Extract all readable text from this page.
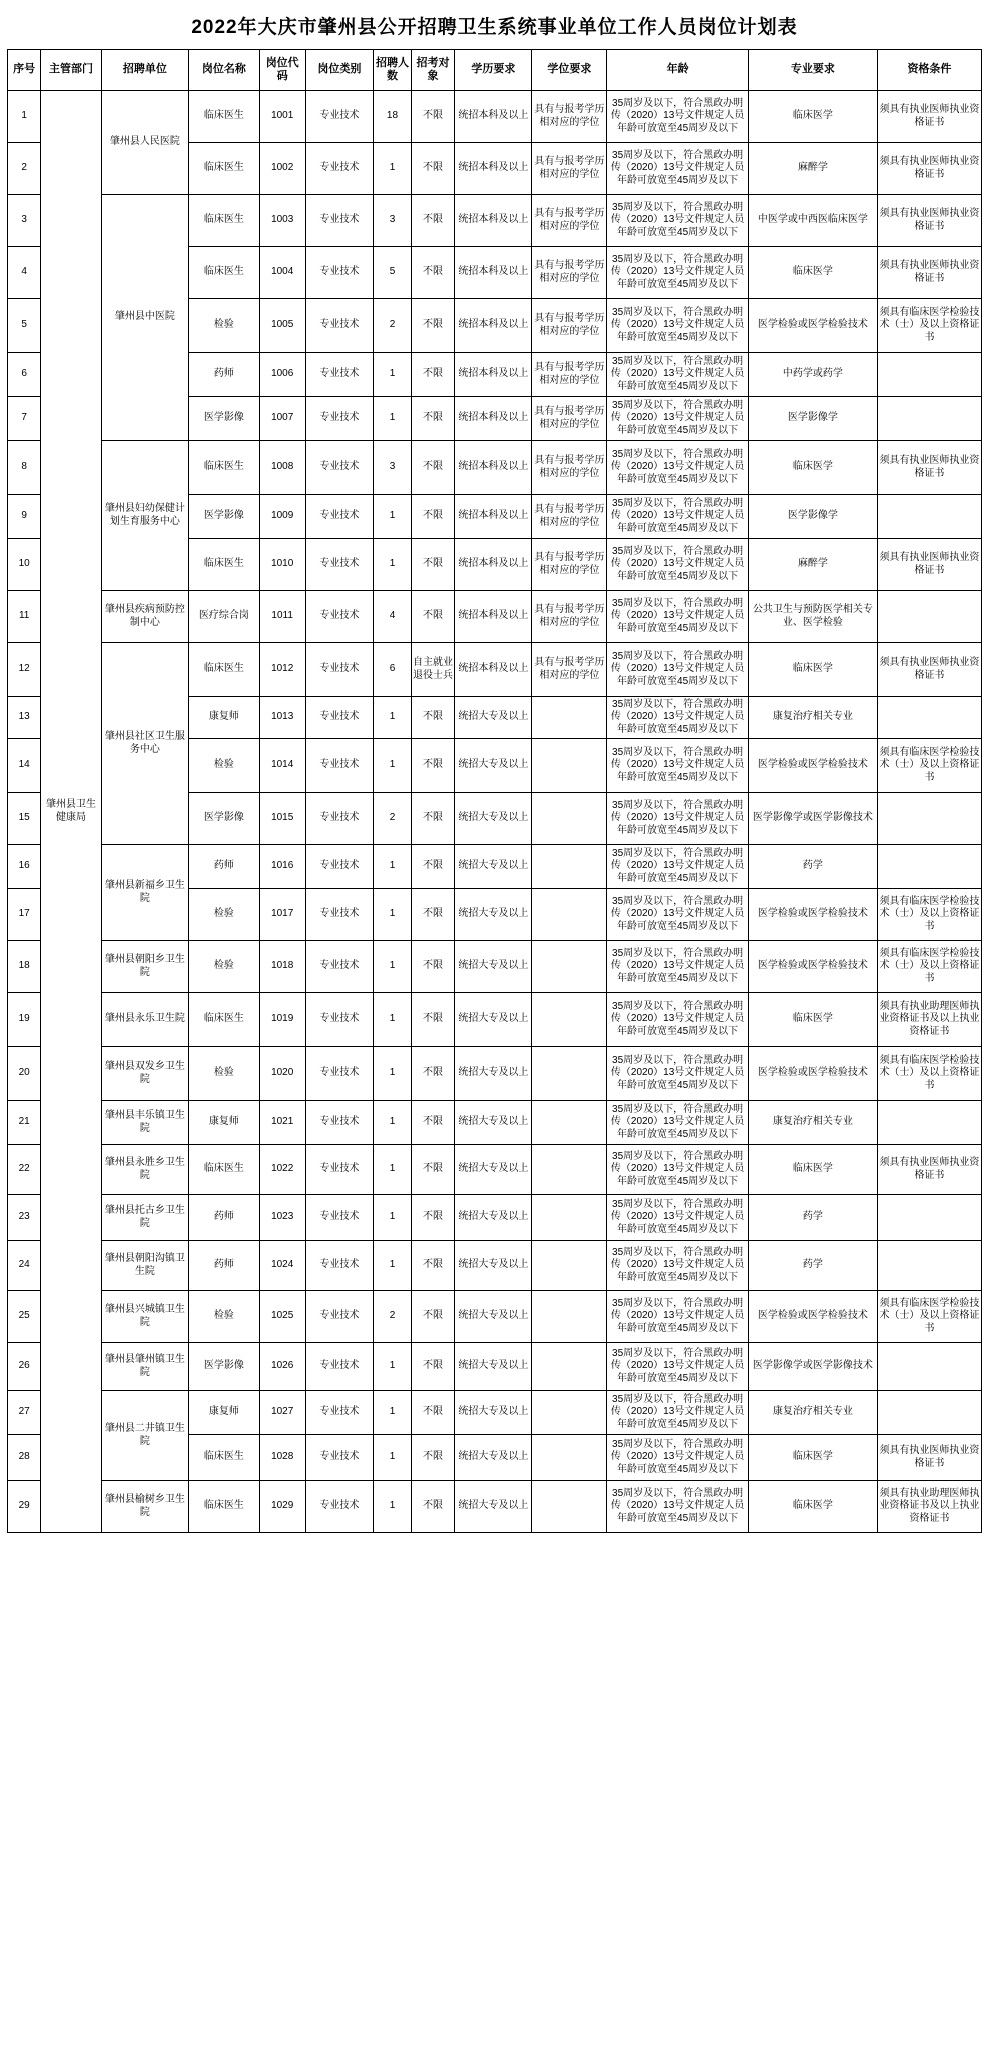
2022年大庆市肇州县公开招聘卫生系统事业单位工作人员岗位计划表
序号	主管部门	招聘单位	岗位名称	岗位代码	岗位类别	招聘人数	招考对象	学历要求	学位要求	年龄	专业要求	资格条件
1	肇州县卫生健康局	肇州县人民医院	临床医生	1001	专业技术	18	不限	统招本科及以上	具有与报考学历相对应的学位	35周岁及以下，符合黑政办明传（2020）13号文件规定人员年龄可放宽至45周岁及以下	临床医学	须具有执业医师执业资格证书
2			临床医生	1002	专业技术	1	不限	统招本科及以上	具有与报考学历相对应的学位	35周岁及以下，符合黑政办明传（2020）13号文件规定人员年龄可放宽至45周岁及以下	麻醉学	须具有执业医师执业资格证书
3		肇州县中医院	临床医生	1003	专业技术	3	不限	统招本科及以上	具有与报考学历相对应的学位	35周岁及以下，符合黑政办明传（2020）13号文件规定人员年龄可放宽至45周岁及以下	中医学或中西医临床医学	须具有执业医师执业资格证书
4			临床医生	1004	专业技术	5	不限	统招本科及以上	具有与报考学历相对应的学位	35周岁及以下，符合黑政办明传（2020）13号文件规定人员年龄可放宽至45周岁及以下	临床医学	须具有执业医师执业资格证书
5			检验	1005	专业技术	2	不限	统招本科及以上	具有与报考学历相对应的学位	35周岁及以下，符合黑政办明传（2020）13号文件规定人员年龄可放宽至45周岁及以下	医学检验或医学检验技术	须具有临床医学检验技术（士）及以上资格证书
6			药师	1006	专业技术	1	不限	统招本科及以上	具有与报考学历相对应的学位	35周岁及以下，符合黑政办明传（2020）13号文件规定人员年龄可放宽至45周岁及以下	中药学或药学	
7			医学影像	1007	专业技术	1	不限	统招本科及以上	具有与报考学历相对应的学位	35周岁及以下，符合黑政办明传（2020）13号文件规定人员年龄可放宽至45周岁及以下	医学影像学	
8		肇州县妇幼保健计划生育服务中心	临床医生	1008	专业技术	3	不限	统招本科及以上	具有与报考学历相对应的学位	35周岁及以下，符合黑政办明传（2020）13号文件规定人员年龄可放宽至45周岁及以下	临床医学	须具有执业医师执业资格证书
9			医学影像	1009	专业技术	1	不限	统招本科及以上	具有与报考学历相对应的学位	35周岁及以下，符合黑政办明传（2020）13号文件规定人员年龄可放宽至45周岁及以下	医学影像学	
10			临床医生	1010	专业技术	1	不限	统招本科及以上	具有与报考学历相对应的学位	35周岁及以下，符合黑政办明传（2020）13号文件规定人员年龄可放宽至45周岁及以下	麻醉学	须具有执业医师执业资格证书
11		肇州县疾病预防控制中心	医疗综合岗	1011	专业技术	4	不限	统招本科及以上	具有与报考学历相对应的学位	35周岁及以下，符合黑政办明传（2020）13号文件规定人员年龄可放宽至45周岁及以下	公共卫生与预防医学相关专业、医学检验	
12		肇州县社区卫生服务中心	临床医生	1012	专业技术	6	自主就业退役士兵	统招本科及以上	具有与报考学历相对应的学位	35周岁及以下，符合黑政办明传（2020）13号文件规定人员年龄可放宽至45周岁及以下	临床医学	须具有执业医师执业资格证书
13			康复师	1013	专业技术	1	不限	统招大专及以上		35周岁及以下，符合黑政办明传（2020）13号文件规定人员年龄可放宽至45周岁及以下	康复治疗相关专业	
14			检验	1014	专业技术	1	不限	统招大专及以上		35周岁及以下，符合黑政办明传（2020）13号文件规定人员年龄可放宽至45周岁及以下	医学检验或医学检验技术	须具有临床医学检验技术（士）及以上资格证书
15			医学影像	1015	专业技术	2	不限	统招大专及以上		35周岁及以下，符合黑政办明传（2020）13号文件规定人员年龄可放宽至45周岁及以下	医学影像学或医学影像技术	
16		肇州县新福乡卫生院	药师	1016	专业技术	1	不限	统招大专及以上		35周岁及以下，符合黑政办明传（2020）13号文件规定人员年龄可放宽至45周岁及以下	药学	
17			检验	1017	专业技术	1	不限	统招大专及以上		35周岁及以下，符合黑政办明传（2020）13号文件规定人员年龄可放宽至45周岁及以下	医学检验或医学检验技术	须具有临床医学检验技术（士）及以上资格证书
18		肇州县朝阳乡卫生院	检验	1018	专业技术	1	不限	统招大专及以上		35周岁及以下，符合黑政办明传（2020）13号文件规定人员年龄可放宽至45周岁及以下	医学检验或医学检验技术	须具有临床医学检验技术（士）及以上资格证书
19		肇州县永乐卫生院	临床医生	1019	专业技术	1	不限	统招大专及以上		35周岁及以下，符合黑政办明传（2020）13号文件规定人员年龄可放宽至45周岁及以下	临床医学	须具有执业助理医师执业资格证书及以上执业资格证书
20		肇州县双发乡卫生院	检验	1020	专业技术	1	不限	统招大专及以上		35周岁及以下，符合黑政办明传（2020）13号文件规定人员年龄可放宽至45周岁及以下	医学检验或医学检验技术	须具有临床医学检验技术（士）及以上资格证书
21		肇州县丰乐镇卫生院	康复师	1021	专业技术	1	不限	统招大专及以上		35周岁及以下，符合黑政办明传（2020）13号文件规定人员年龄可放宽至45周岁及以下	康复治疗相关专业	
22		肇州县永胜乡卫生院	临床医生	1022	专业技术	1	不限	统招大专及以上		35周岁及以下，符合黑政办明传（2020）13号文件规定人员年龄可放宽至45周岁及以下	临床医学	须具有执业医师执业资格证书
23		肇州县托古乡卫生院	药师	1023	专业技术	1	不限	统招大专及以上		35周岁及以下，符合黑政办明传（2020）13号文件规定人员年龄可放宽至45周岁及以下	药学	
24		肇州县朝阳沟镇卫生院	药师	1024	专业技术	1	不限	统招大专及以上		35周岁及以下，符合黑政办明传（2020）13号文件规定人员年龄可放宽至45周岁及以下	药学	
25		肇州县兴城镇卫生院	检验	1025	专业技术	2	不限	统招大专及以上		35周岁及以下，符合黑政办明传（2020）13号文件规定人员年龄可放宽至45周岁及以下	医学检验或医学检验技术	须具有临床医学检验技术（士）及以上资格证书
26		肇州县肇州镇卫生院	医学影像	1026	专业技术	1	不限	统招大专及以上		35周岁及以下，符合黑政办明传（2020）13号文件规定人员年龄可放宽至45周岁及以下	医学影像学或医学影像技术	
27		肇州县二井镇卫生院	康复师	1027	专业技术	1	不限	统招大专及以上		35周岁及以下，符合黑政办明传（2020）13号文件规定人员年龄可放宽至45周岁及以下	康复治疗相关专业	
28			临床医生	1028	专业技术	1	不限	统招大专及以上		35周岁及以下，符合黑政办明传（2020）13号文件规定人员年龄可放宽至45周岁及以下	临床医学	须具有执业医师执业资格证书
29		肇州县榆树乡卫生院	临床医生	1029	专业技术	1	不限	统招大专及以上		35周岁及以下，符合黑政办明传（2020）13号文件规定人员年龄可放宽至45周岁及以下	临床医学	须具有执业助理医师执业资格证书及以上执业资格证书
